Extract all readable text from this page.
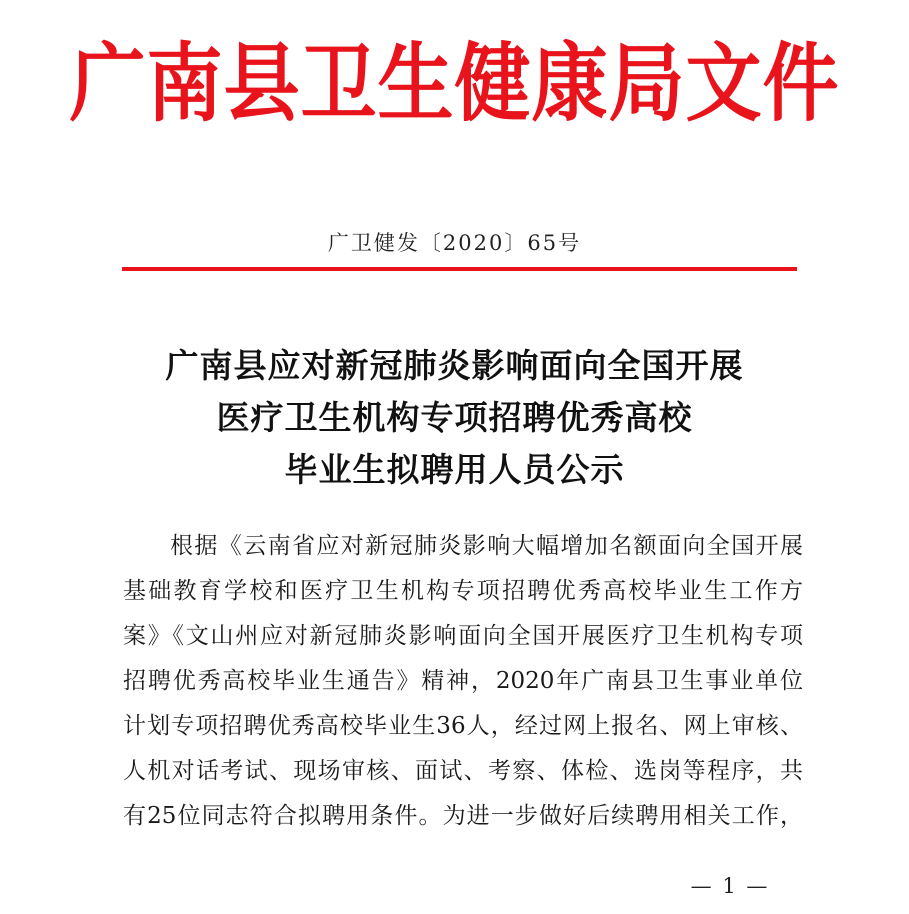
广南县卫生健康局文件
广卫健发〔2020〕65号
广南县应对新冠肺炎影响面向全国开展
医疗卫生机构专项招聘优秀高校
毕业生拟聘用人员公示
根据《云南省应对新冠肺炎影响大幅增加名额面向全国开展
基础教育学校和医疗卫生机构专项招聘优秀高校毕业生工作方
案》《文山州应对新冠肺炎影响面向全国开展医疗卫生机构专项
招聘优秀高校毕业生通告》精神，2020年广南县卫生事业单位
计划专项招聘优秀高校毕业生36人，经过网上报名、网上审核、
人机对话考试、现场审核、面试、考察、体检、选岗等程序，共
有25位同志符合拟聘用条件。为进一步做好后续聘用相关工作，
— 1 —
